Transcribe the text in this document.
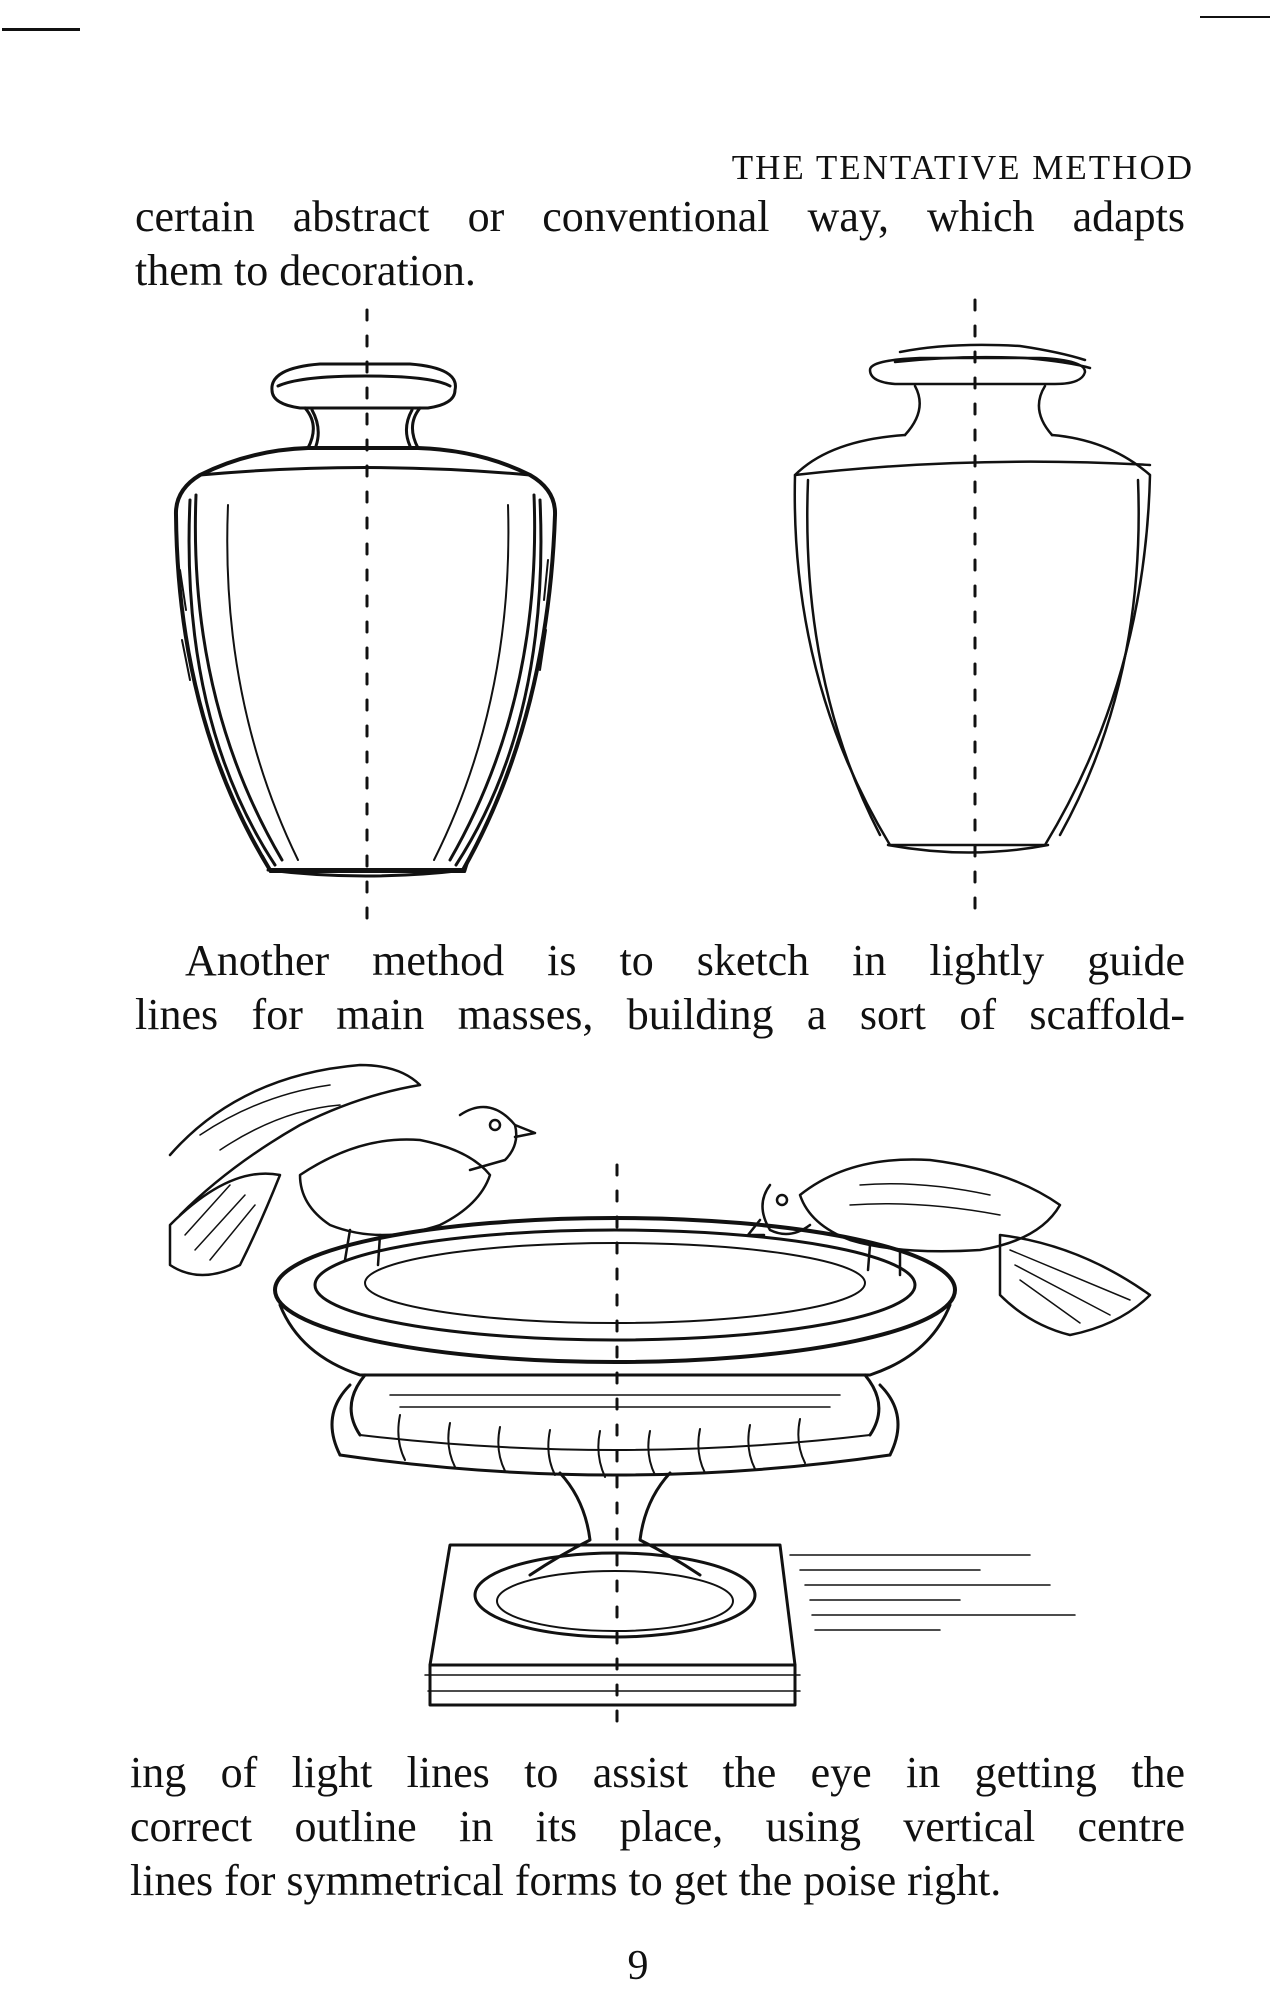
THE TENTATIVE METHOD
certain abstract or conventional way, which adapts
them to decoration.
Another method is to sketch in lightly guide
lines for main masses, building a sort of scaffold-
ing of light lines to assist the eye in getting the
correct outline in its place, using vertical centre
lines for symmetrical forms to get the poise right.
9
